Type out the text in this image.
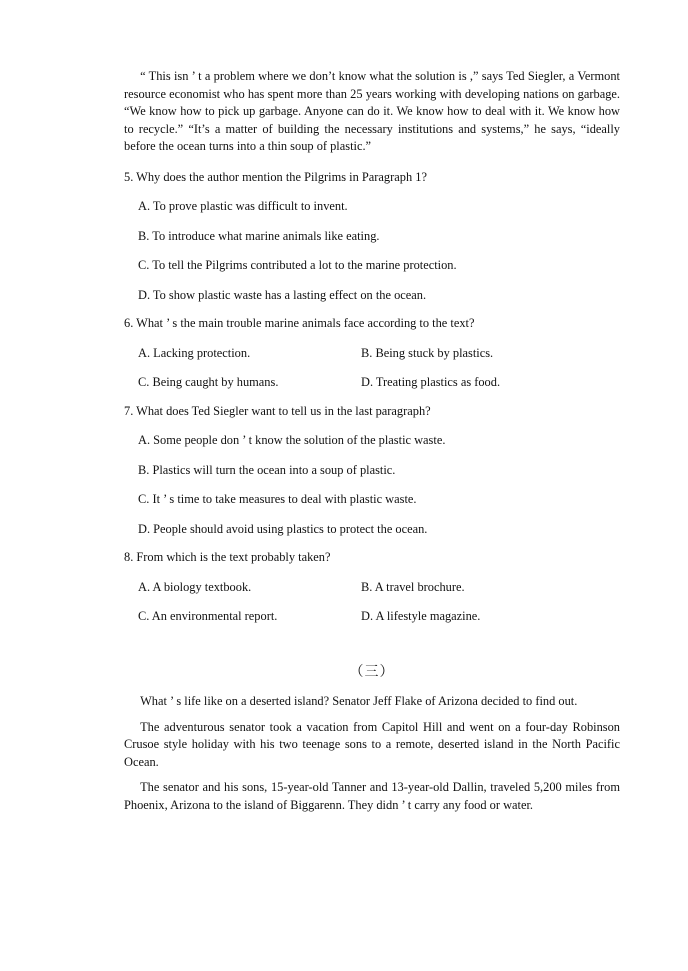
“ This isn ’ t a problem where we don’t know what the solution is ,” says Ted Siegler, a Vermont resource economist who has spent more than 25 years working with developing nations on garbage. “We know how to pick up garbage. Anyone can do it. We know how to deal with it. We know how to recycle.” “It’s a matter of building the necessary institutions and systems,” he says, “ideally before the ocean turns into a thin soup of plastic.”

5. Why does the author mention the Pilgrims in Paragraph 1?

A. To prove plastic was difficult to invent.

B. To introduce what marine animals like eating.

C. To tell the Pilgrims contributed a lot to the marine protection.

D. To show plastic waste has a lasting effect on the ocean.

6. What ’ s the main trouble marine animals face according to the text?

A. Lacking protection.	B. Being stuck by plastics.
C. Being caught by humans.	D. Treating plastics as food.

7. What does Ted Siegler want to tell us in the last paragraph?

A. Some people don ’ t know the solution of the plastic waste.

B. Plastics will turn the ocean into a soup of plastic.

C. It ’ s time to take measures to deal with plastic waste.

D. People should avoid using plastics to protect the ocean.

8. From which is the text probably taken?

A. A biology textbook.	B. A travel brochure.
C. An environmental report.	D. A lifestyle magazine.

（三）

What ’ s life like on a deserted island? Senator Jeff Flake of Arizona decided to find out.

The adventurous senator took a vacation from Capitol Hill and went on a four-day Robinson Crusoe style holiday with his two teenage sons to a remote, deserted island in the North Pacific Ocean.

The senator and his sons, 15-year-old Tanner and 13-year-old Dallin, traveled 5,200 miles from Phoenix, Arizona to the island of Biggarenn. They didn ’ t carry any food or water.
